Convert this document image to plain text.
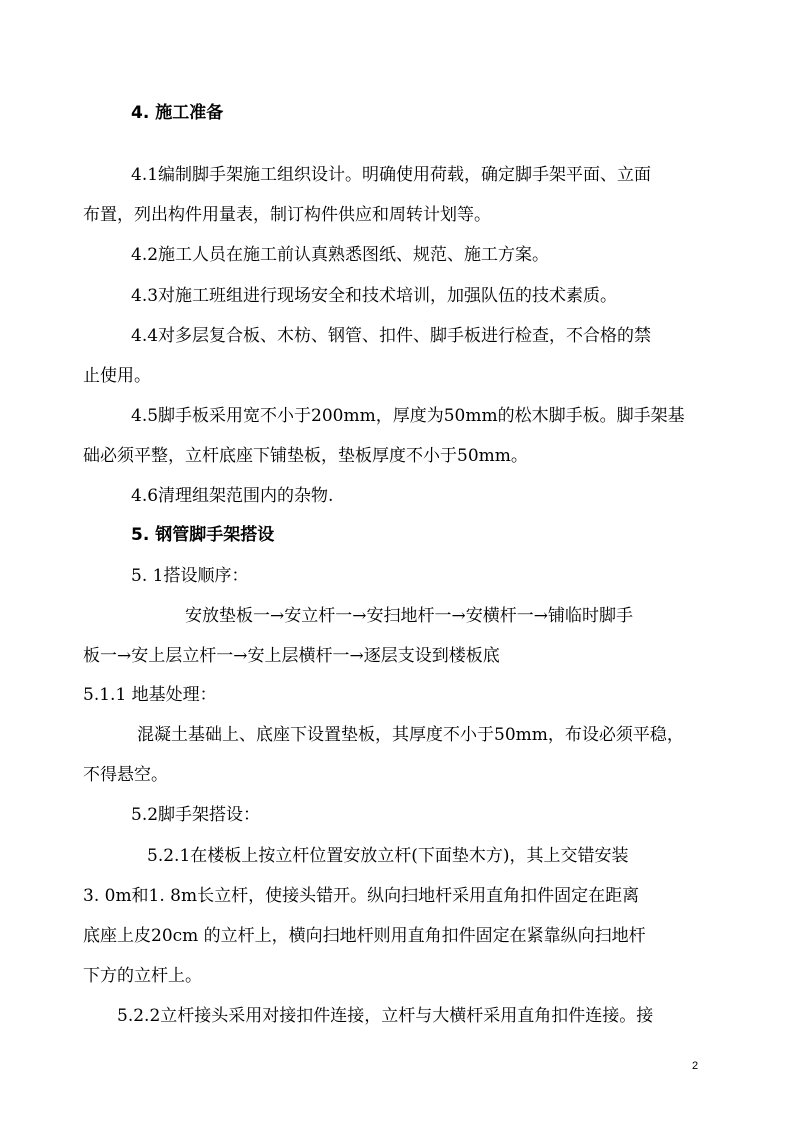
4. 施工准备
4.1编制脚手架施工组织设计。明确使用荷载，确定脚手架平面、立面
布置，列出构件用量表，制订构件供应和周转计划等。
4.2施工人员在施工前认真熟悉图纸、规范、施工方案。
4.3对施工班组进行现场安全和技术培训，加强队伍的技术素质。
4.4对多层复合板、木枋、钢管、扣件、脚手板进行检查，不合格的禁
止使用。
4.5脚手板采用宽不小于200mm，厚度为50mm的松木脚手板。脚手架基
础必须平整，立杆底座下铺垫板，垫板厚度不小于50mm。
4.6清理组架范围内的杂物.
5. 钢管脚手架搭设
5. 1搭设顺序：
安放垫板一→安立杆一→安扫地杆一→安横杆一→铺临时脚手
板一→安上层立杆一→安上层横杆一→逐层支设到楼板底
5.1.1 地基处理：
混凝土基础上、底座下设置垫板，其厚度不小于50mm，布设必须平稳，
不得悬空。
5.2脚手架搭设：
5.2.1在楼板上按立杆位置安放立杆(下面垫木方)，其上交错安装
3. 0m和1. 8m长立杆，使接头错开。纵向扫地杆采用直角扣件固定在距离
底座上皮20cm 的立杆上，横向扫地杆则用直角扣件固定在紧靠纵向扫地杆
下方的立杆上。
5.2.2立杆接头采用对接扣件连接，立杆与大横杆采用直角扣件连接。接
2
